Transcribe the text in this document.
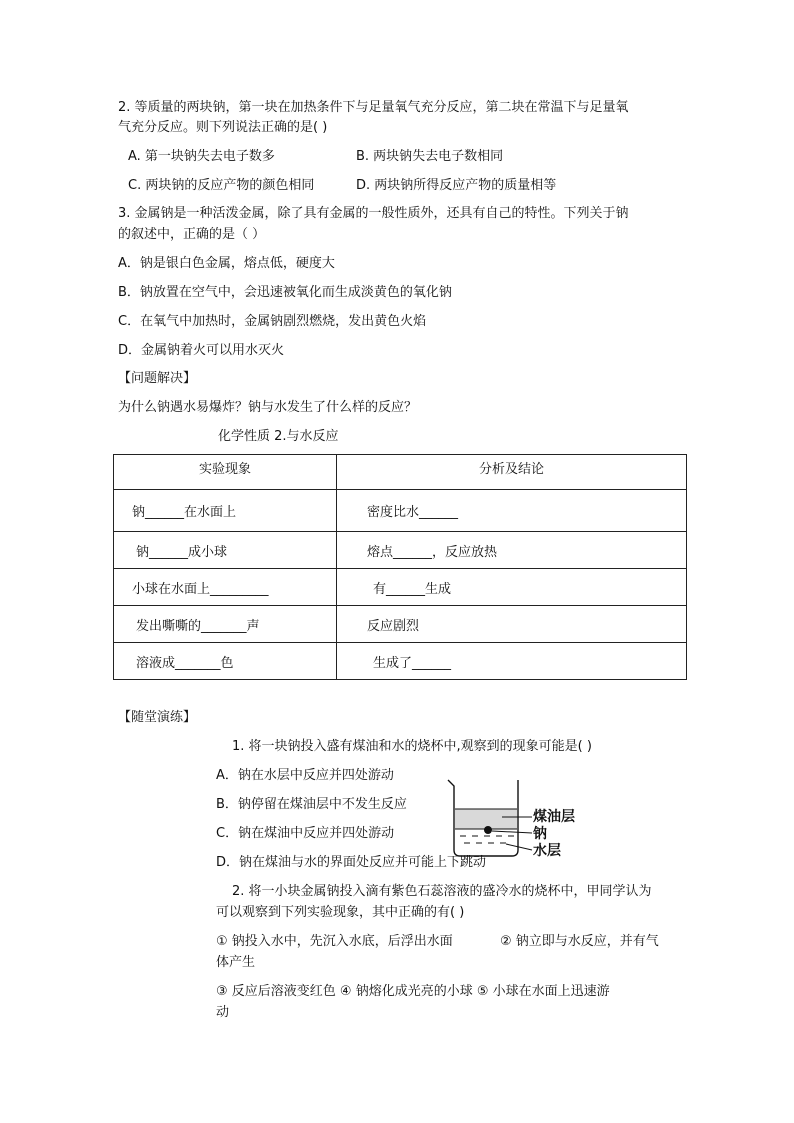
2. 等质量的两块钠，第一块在加热条件下与足量氧气充分反应，第二块在常温下与足量氧
气充分反应。则下列说法正确的是( )
A. 第一块钠失去电子数多	B. 两块钠失去电子数相同
C. 两块钠的反应产物的颜色相同	D. 两块钠所得反应产物的质量相等
3. 金属钠是一种活泼金属，除了具有金属的一般性质外，还具有自己的特性。下列关于钠
的叙述中，正确的是（ ）
A．钠是银白色金属，熔点低，硬度大
B．钠放置在空气中，会迅速被氧化而生成淡黄色的氧化钠
C．在氧气中加热时，金属钠剧烈燃烧，发出黄色火焰
D．金属钠着火可以用水灭火
【问题解决】
为什么钠遇水易爆炸？钠与水发生了什么样的反应？
化学性质 2.与水反应
实验现象	分析及结论
钠______在水面上	密度比水______
钠______成小球	熔点______，反应放热
小球在水面上_________	有______生成
发出嘶嘶的_______声	反应剧烈
溶液成_______色	生成了______
【随堂演练】
1. 将一块钠投入盛有煤油和水的烧杯中,观察到的现象可能是( )
A．钠在水层中反应并四处游动
B．钠停留在煤油层中不发生反应
C．钠在煤油中反应并四处游动
D．钠在煤油与水的界面处反应并可能上下跳动
煤油层
钠
水层
2. 将一小块金属钠投入滴有紫色石蕊溶液的盛冷水的烧杯中，甲同学认为
可以观察到下列实验现象，其中正确的有( )
① 钠投入水中，先沉入水底，后浮出水面	② 钠立即与水反应，并有气
体产生
③ 反应后溶液变红色 ④ 钠熔化成光亮的小球 ⑤ 小球在水面上迅速游
动
